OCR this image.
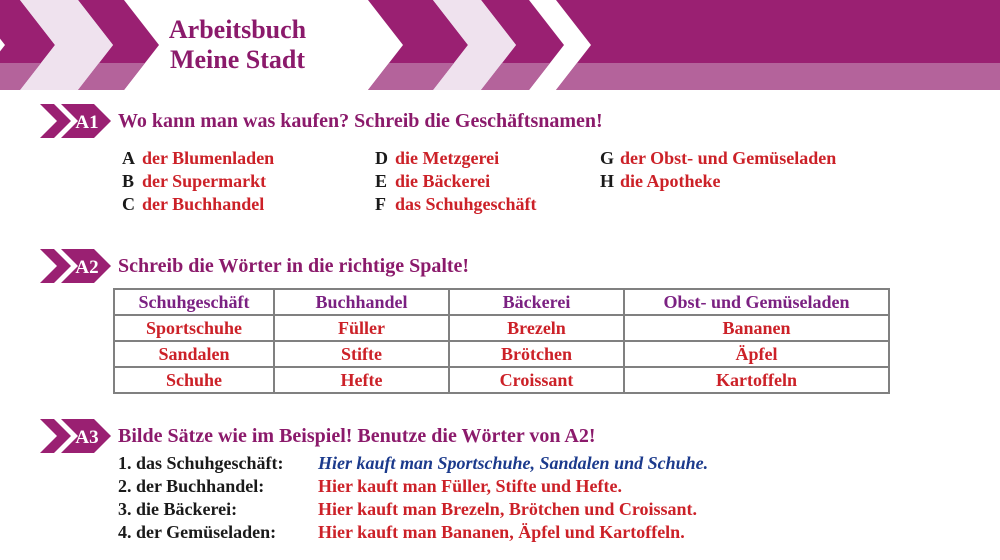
Arbeitsbuch
Meine Stadt
A1 Wo kann man was kaufen? Schreib die Geschäftsnamen!
A der Blumenladen
B der Supermarkt
C der Buchhandel
D die Metzgerei
E die Bäckerei
F das Schuhgeschäft
G der Obst- und Gemüseladen
H die Apotheke
A2 Schreib die Wörter in die richtige Spalte!
Schuhgeschäft	Buchhandel	Bäckerei	Obst- und Gemüseladen
Sportschuhe	Füller	Brezeln	Bananen
Sandalen	Stifte	Brötchen	Äpfel
Schuhe	Hefte	Croissant	Kartoffeln
A3 Bilde Sätze wie im Beispiel! Benutze die Wörter von A2!
1. das Schuhgeschäft:	Hier kauft man Sportschuhe, Sandalen und Schuhe.
2. der Buchhandel:	Hier kauft man Füller, Stifte und Hefte.
3. die Bäckerei:	Hier kauft man Brezeln, Brötchen und Croissant.
4. der Gemüseladen:	Hier kauft man Bananen, Äpfel und Kartoffeln.
